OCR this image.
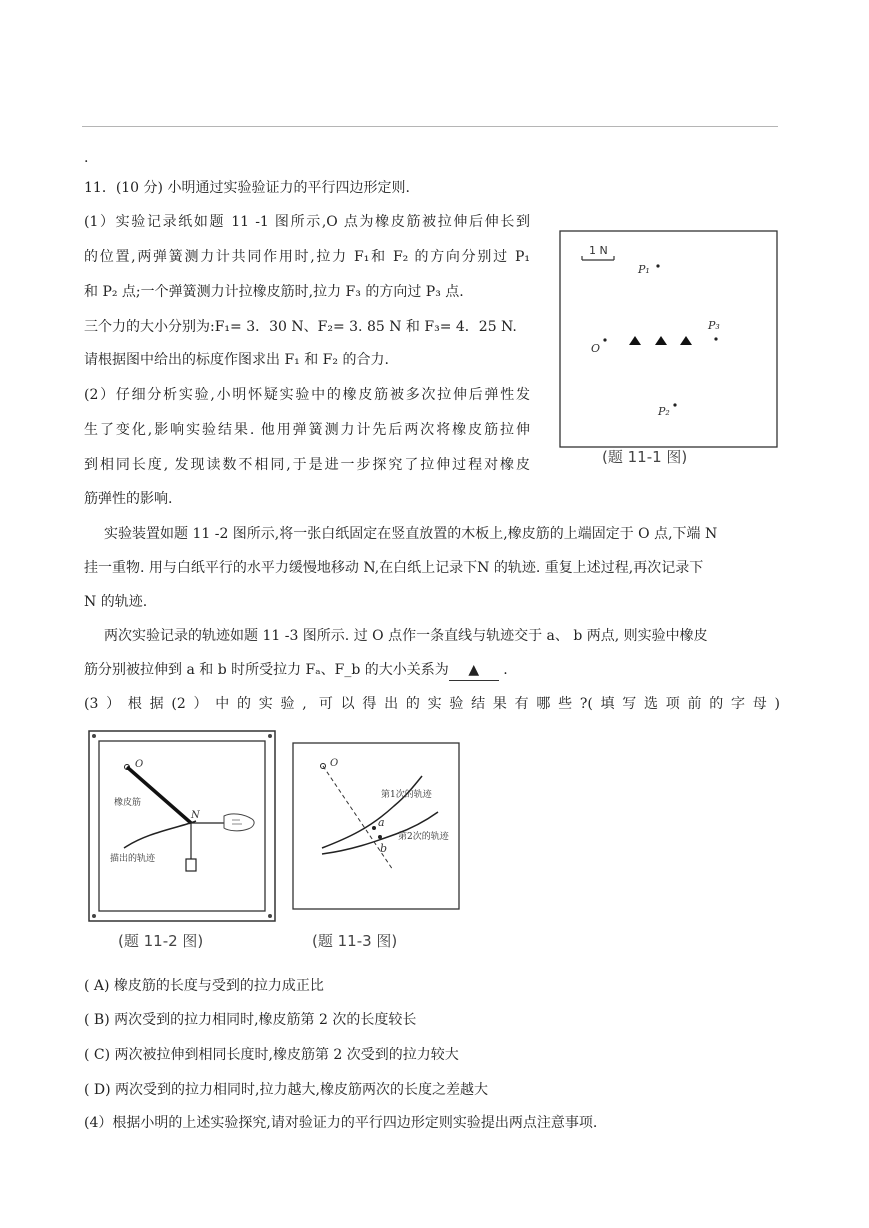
.
11．(10 分) 小明通过实验验证力的平行四边形定则.
(1）实验记录纸如题 11 -1 图所示,O 点为橡皮筋被拉伸后伸长到
的位置,两弹簧测力计共同作用时,拉力 F₁和 F₂ 的方向分别过 P₁
和 P₂ 点;一个弹簧测力计拉橡皮筋时,拉力 F₃ 的方向过 P₃ 点.
三个力的大小分别为:F₁= 3．30 N、F₂= 3. 85 N 和 F₃= 4．25 N.
请根据图中给出的标度作图求出 F₁ 和 F₂ 的合力.
(2）仔细分析实验,小明怀疑实验中的橡皮筋被多次拉伸后弹性发
生了变化,影响实验结果. 他用弹簧测力计先后两次将橡皮筋拉伸
到相同长度, 发现读数不相同,于是进一步探究了拉伸过程对橡皮
筋弹性的影响.
1 N
P₁
P₃
O
P₂
(题 11-1 图)
实验装置如题 11 -2 图所示,将一张白纸固定在竖直放置的木板上,橡皮筋的上端固定于 O 点,下端 N
挂一重物. 用与白纸平行的水平力缓慢地移动 N,在白纸上记录下N 的轨迹. 重复上述过程,再次记录下
N 的轨迹.
两次实验记录的轨迹如题 11 -3 图所示. 过 O 点作一条直线与轨迹交于 a、 b 两点, 则实验中橡皮
筋分别被拉伸到 a 和 b 时所受拉力 Fₐ、F_b 的大小关系为 ▲ .
(3）根据(2）中的实验, 可以得出的实验结果有哪些?(填写选项前的字母)
O
N
橡皮筋
描出的轨迹
(题 11-2 图)
O
a
b
第1次的轨迹
第2次的轨迹
(题 11-3 图)
( A) 橡皮筋的长度与受到的拉力成正比
( B) 两次受到的拉力相同时,橡皮筋第 2 次的长度较长
( C) 两次被拉伸到相同长度时,橡皮筋第 2 次受到的拉力较大
( D) 两次受到的拉力相同时,拉力越大,橡皮筋两次的长度之差越大
(4）根据小明的上述实验探究,请对验证力的平行四边形定则实验提出两点注意事项.
